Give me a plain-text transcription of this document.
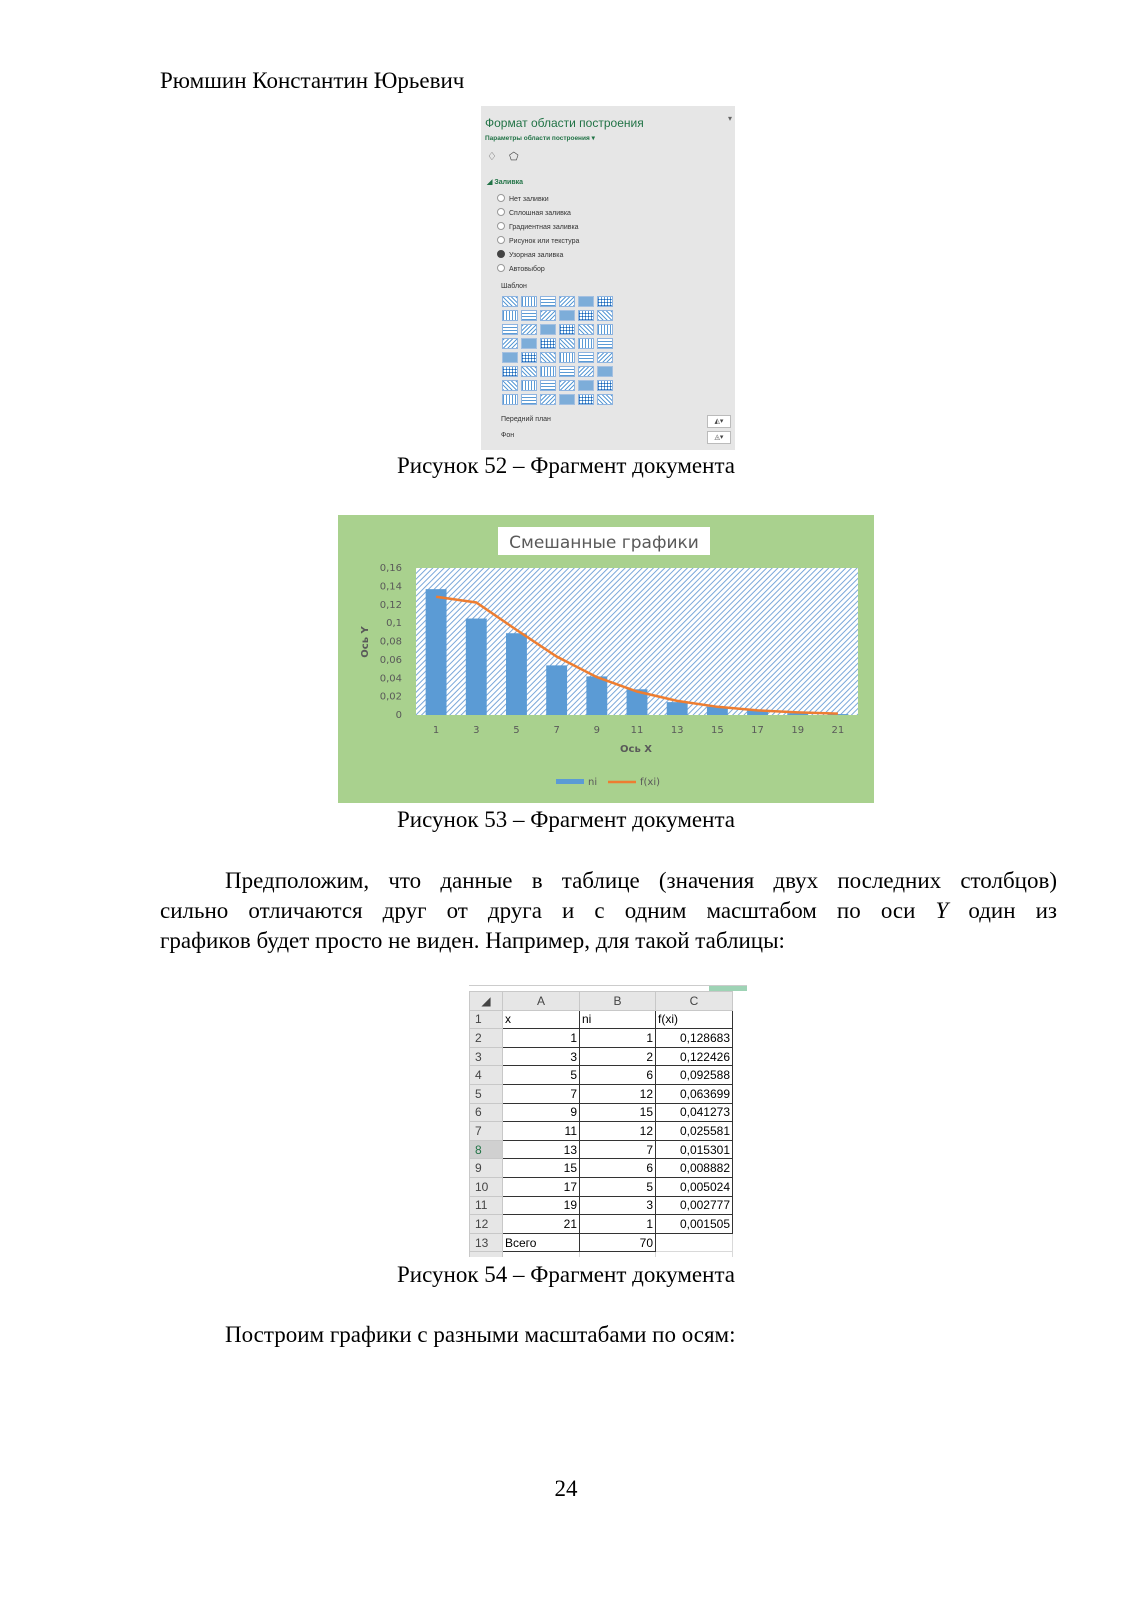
Рюмшин Константин Юрьевич
Формат области построения	▾
Параметры области построения ▾
♢ ⬠
◢ Заливка
Нет заливки
Сплошная заливка
Градиентная заливка
Рисунок или текстура
Узорная заливка
Автовыбор
Шаблон
Передний план	◭▾
Фон	◬▾
Рисунок 52 – Фрагмент документа
Смешанные графики
0
0,02
0,04
0,06
0,08
0,1
0,12
0,14
0,16
1	3	5	7	9	11	13	15	17	19	21
Ось X
Ось Y
ni	f(xi)
Рисунок 53 – Фрагмент документа
Предположим, что данные в таблице (значения двух последних столбцов)
сильно отличаются друг от друга и с одним масштабом по оси Y один из
графиков будет просто не виден. Например, для такой таблицы:
◢	A	B	C
1	x	ni	f(xi)
2	1	1	0,128683
3	3	2	0,122426
4	5	6	0,092588
5	7	12	0,063699
6	9	15	0,041273
7	11	12	0,025581
8	13	7	0,015301
9	15	6	0,008882
10	17	5	0,005024
11	19	3	0,002777
12	21	1	0,001505
13	Всего	70	

Рисунок 54 – Фрагмент документа
Построим графики с разными масштабами по осям:
24
